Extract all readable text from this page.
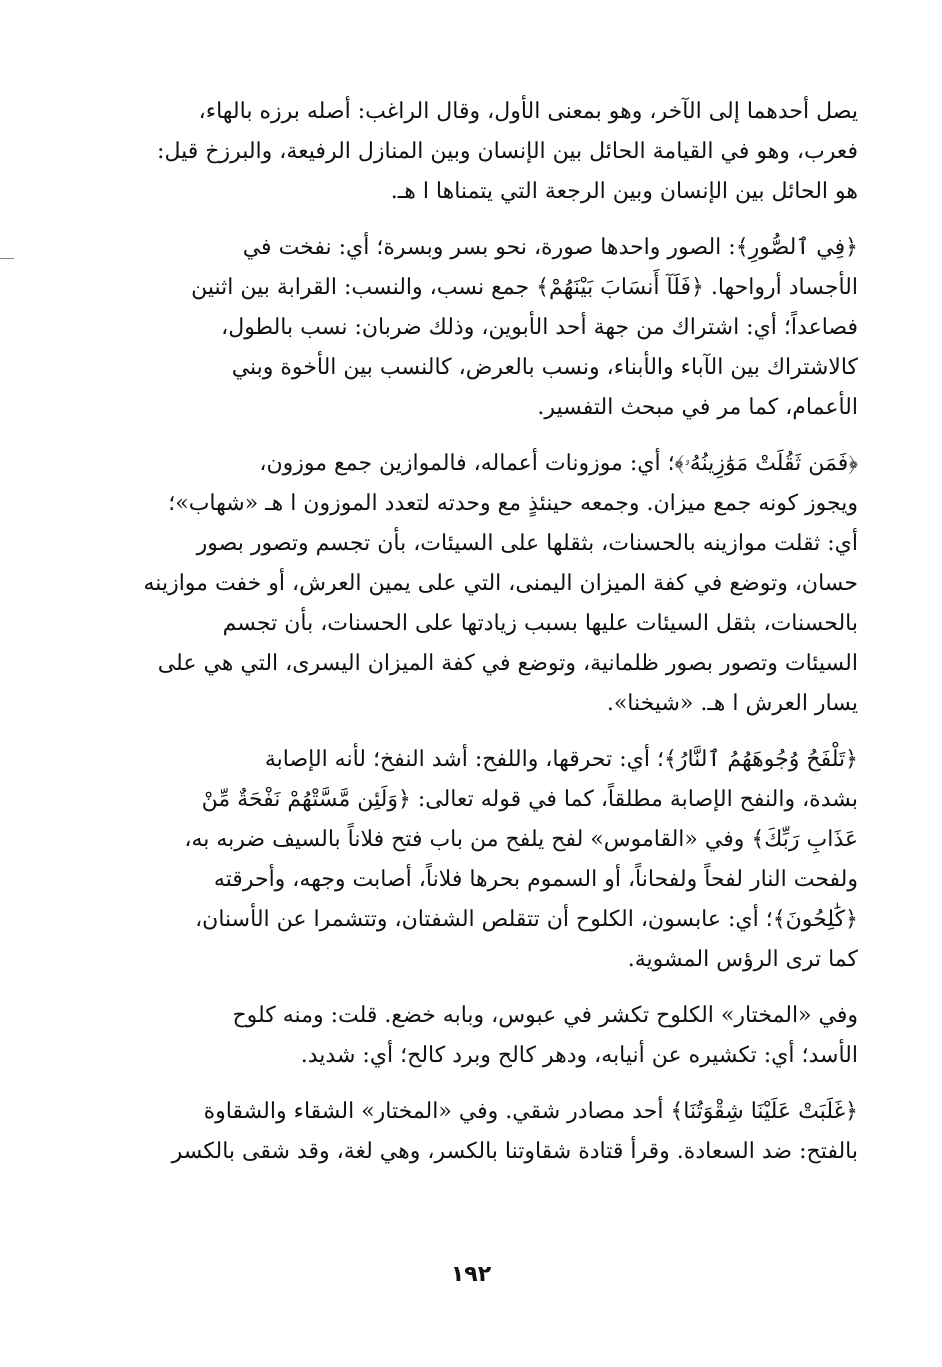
يصل أحدهما إلى الآخر، وهو بمعنى الأول، وقال الراغب: أصله برزه بالهاء،
فعرب، وهو في القيامة الحائل بين الإنسان وبين المنازل الرفيعة، والبرزخ قيل:
هو الحائل بين الإنسان وبين الرجعة التي يتمناها ا هـ.
﴿فِي ٱلصُّورِ﴾: الصور واحدها صورة، نحو بسر وبسرة؛ أي: نفخت في
الأجساد أرواحها. ﴿فَلَآ أَنسَابَ بَيْنَهُمْ﴾ جمع نسب، والنسب: القرابة بين اثنين
فصاعداً؛ أي: اشتراك من جهة أحد الأبوين، وذلك ضربان: نسب بالطول،
كالاشتراك بين الآباء والأبناء، ونسب بالعرض، كالنسب بين الأخوة وبني
الأعمام، كما مر في مبحث التفسير.
﴿فَمَن ثَقُلَتْ مَوَٰزِينُهُۥ﴾؛ أي: موزونات أعماله، فالموازين جمع موزون،
ويجوز كونه جمع ميزان. وجمعه حينئذٍ مع وحدته لتعدد الموزون ا هـ «شهاب»؛
أي: ثقلت موازينه بالحسنات، بثقلها على السيئات، بأن تجسم وتصور بصور
حسان، وتوضع في كفة الميزان اليمنى، التي على يمين العرش، أو خفت موازينه
بالحسنات، بثقل السيئات عليها بسبب زيادتها على الحسنات، بأن تجسم
السيئات وتصور بصور ظلمانية، وتوضع في كفة الميزان اليسرى، التي هي على
يسار العرش ا هـ. «شيخنا».
﴿تَلْفَحُ وُجُوهَهُمُ ٱلنَّارُ﴾؛ أي: تحرقها، واللفح: أشد النفخ؛ لأنه الإصابة
بشدة، والنفح الإصابة مطلقاً، كما في قوله تعالى: ﴿وَلَئِن مَّسَّتْهُمْ نَفْحَةٌ مِّنْ
عَذَابِ رَبِّكَ﴾ وفي «القاموس» لفح يلفح من باب فتح فلاناً بالسيف ضربه به،
ولفحت النار لفحاً ولفحاناً، أو السموم بحرها فلاناً، أصابت وجهه، وأحرقته
﴿كَٰلِحُونَ﴾؛ أي: عابسون، الكلوح أن تتقلص الشفتان، وتتشمرا عن الأسنان،
كما ترى الرؤس المشوية.
وفي «المختار» الكلوح تكشر في عبوس، وبابه خضع. قلت: ومنه كلوح
الأسد؛ أي: تكشيره عن أنيابه، ودهر كالح وبرد كالح؛ أي: شديد.
﴿غَلَبَتْ عَلَيْنَا شِقْوَتُنَا﴾ أحد مصادر شقي. وفي «المختار» الشقاء والشقاوة
بالفتح: ضد السعادة. وقرأ قتادة شقاوتنا بالكسر، وهي لغة، وقد شقى بالكسر
١٩٢
